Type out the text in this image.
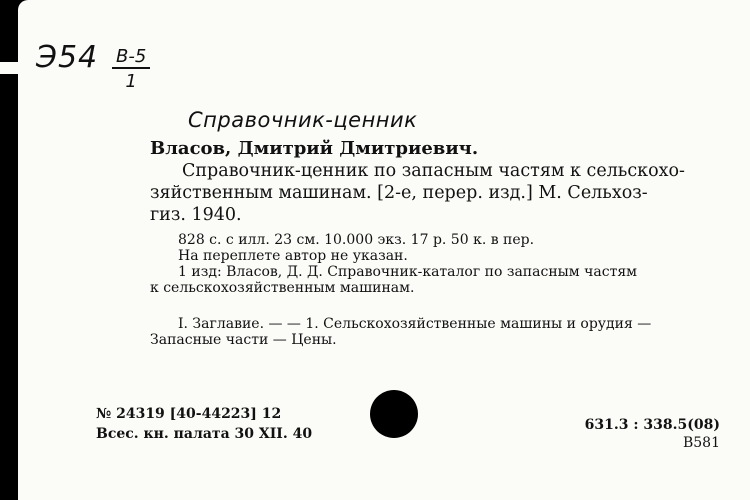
Э54 В-5
1
Справочник-ценник
Власов, Дмитрий Дмитриевич.
Справочник-ценник по запасным частям к сельскохо-
зяйственным машинам. [2-е, перер. изд.] М. Сельхоз-
гиз. 1940.

828 с. с илл. 23 см. 10.000 экз. 17 р. 50 к. в пер.

На переплете автор не указан.

1 изд: Власов, Д. Д. Справочник-каталог по запасным частям

к сельскохозяйственным машинам.

I. Заглавие. — — 1. Сельскохозяйственные машины и орудия —

Запасные части — Цены.

№ 24319 [40-44223] 12
Всес. кн. палата 30 XII. 40
631.3 : 338.5(08)
В581
